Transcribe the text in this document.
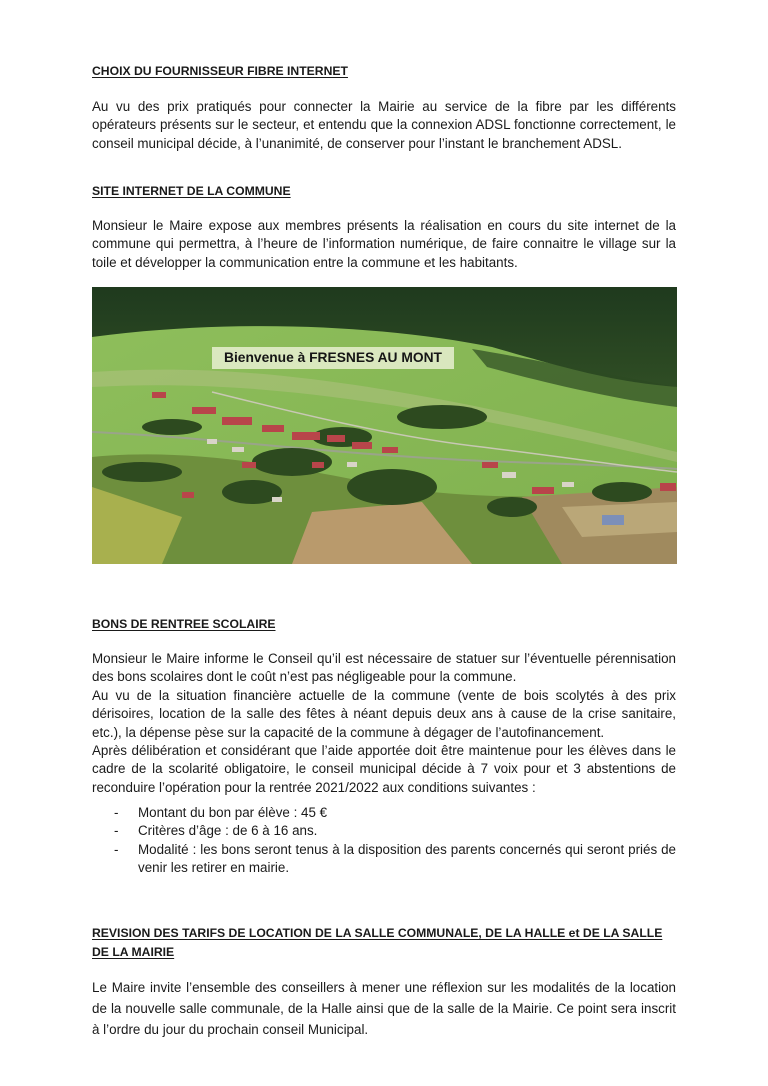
CHOIX DU FOURNISSEUR FIBRE INTERNET
Au vu des prix pratiqués pour connecter la Mairie au service de la fibre par les différents opérateurs présents sur le secteur, et entendu que la connexion ADSL fonctionne correctement, le conseil municipal décide, à l’unanimité, de conserver pour l’instant le branchement ADSL.
SITE INTERNET DE LA COMMUNE
Monsieur le Maire expose aux membres présents la réalisation en cours du site internet de la commune qui permettra, à l’heure de l’information numérique, de faire connaitre le village sur la toile et développer la communication entre la commune et les habitants.
Bienvenue à FRESNES AU MONT
BONS DE RENTREE SCOLAIRE

Monsieur le Maire informe le Conseil qu’il est nécessaire de statuer sur l’éventuelle pérennisation des bons scolaires dont le coût n’est pas négligeable pour la commune.

Au vu de la situation financière actuelle de la commune (vente de bois scolytés à des prix dérisoires, location de la salle des fêtes à néant depuis deux ans à cause de la crise sanitaire, etc.), la dépense pèse sur la capacité de la commune à dégager de l’autofinancement.

Après délibération et considérant que l’aide apportée doit être maintenue pour les élèves dans le cadre de la scolarité obligatoire, le conseil municipal décide à 7 voix pour et 3 abstentions de reconduire l’opération pour la rentrée 2021/2022 aux conditions suivantes :

- Montant du bon par élève : 45 €
- Critères d’âge : de 6 à 16 ans.
- Modalité : les bons seront tenus à la disposition des parents concernés qui seront priés de venir les retirer en mairie.
REVISION DES TARIFS DE LOCATION DE LA SALLE COMMUNALE, DE LA HALLE et DE LA SALLE DE LA MAIRIE
Le Maire invite l’ensemble des conseillers à mener une réflexion sur les modalités de la location de la nouvelle salle communale, de la Halle ainsi que de la salle de la Mairie. Ce point sera inscrit à l’ordre du jour du prochain conseil Municipal.
